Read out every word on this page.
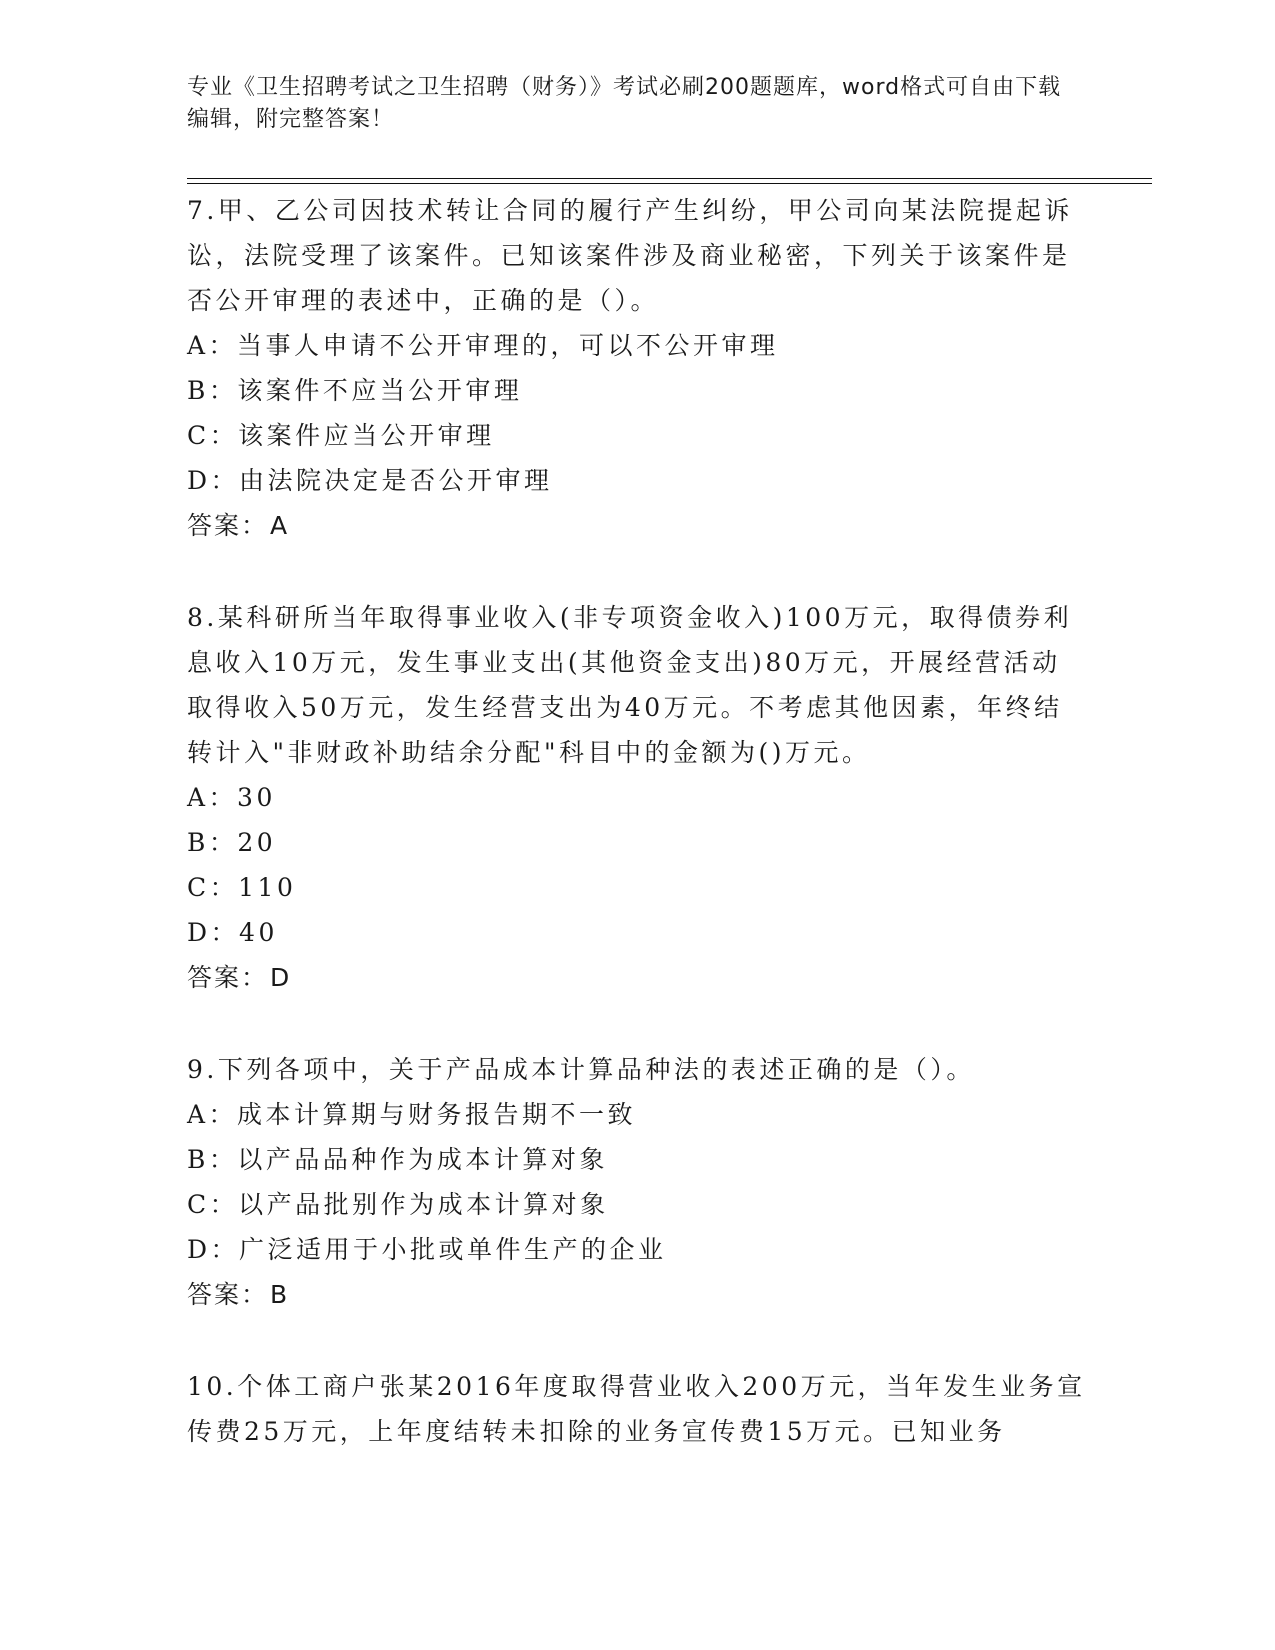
专业《卫生招聘考试之卫生招聘（财务）》考试必刷200题题库，word格式可自由下载编辑，附完整答案！

7.甲、乙公司因技术转让合同的履行产生纠纷，甲公司向某法院提起诉讼，法院受理了该案件。已知该案件涉及商业秘密，下列关于该案件是否公开审理的表述中，正确的是（）。

A：当事人申请不公开审理的，可以不公开审理

B：该案件不应当公开审理

C：该案件应当公开审理

D：由法院决定是否公开审理

答案：A

8.某科研所当年取得事业收入(非专项资金收入)100万元，取得债券利息收入10万元，发生事业支出(其他资金支出)80万元，开展经营活动取得收入50万元，发生经营支出为40万元。不考虑其他因素，年终结转计入"非财政补助结余分配"科目中的金额为()万元。

A：30

B：20

C：110

D：40

答案：D

9.下列各项中，关于产品成本计算品种法的表述正确的是（）。

A：成本计算期与财务报告期不一致

B：以产品品种作为成本计算对象

C：以产品批别作为成本计算对象

D：广泛适用于小批或单件生产的企业

答案：B

10.个体工商户张某2016年度取得营业收入200万元，当年发生业务宣传费25万元，上年度结转未扣除的业务宣传费15万元。已知业务
